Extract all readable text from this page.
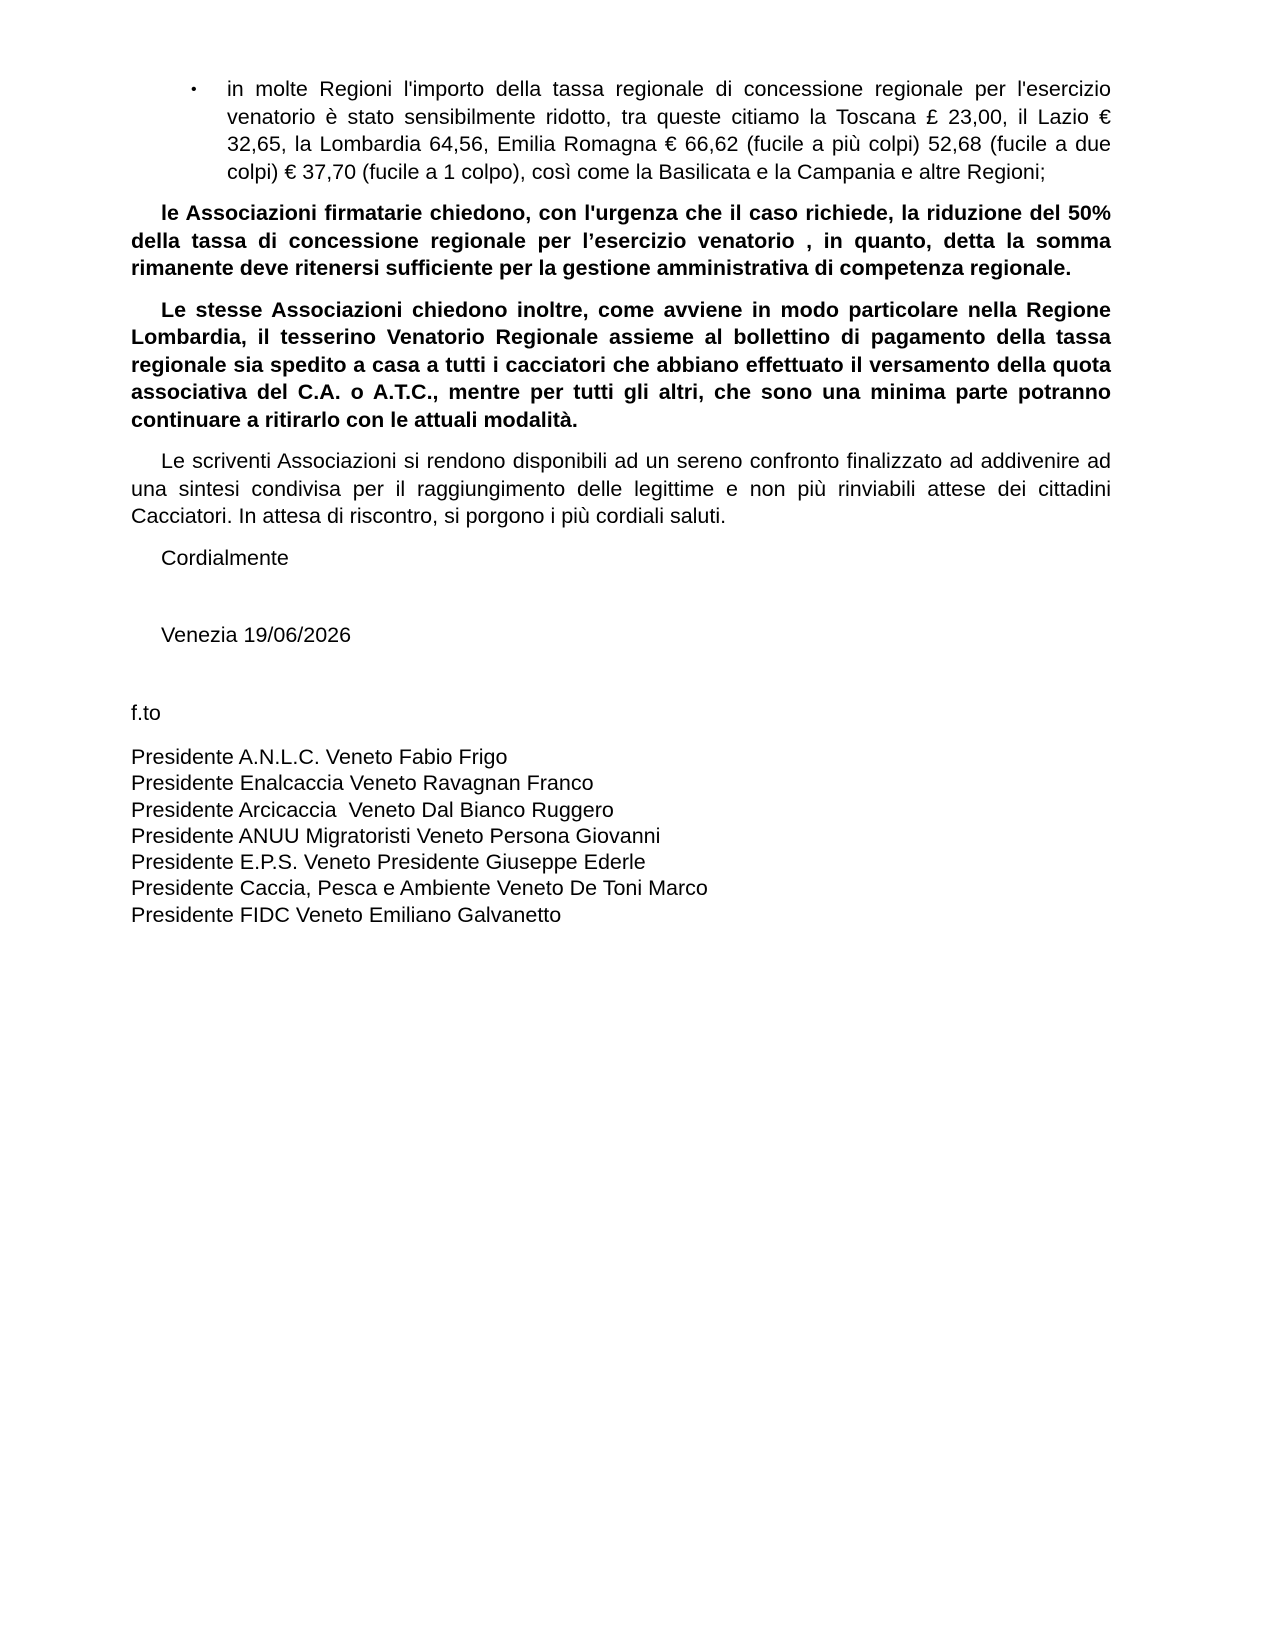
• in molte Regioni l'importo della tassa regionale di concessione regionale per l'esercizio venatorio è stato sensibilmente ridotto, tra queste citiamo la Toscana £ 23,00, il Lazio € 32,65, la Lombardia 64,56, Emilia Romagna € 66,62 (fucile a più colpi) 52,68 (fucile a due colpi) € 37,70 (fucile a 1 colpo), così come la Basilicata e la Campania e altre Regioni;

le Associazioni firmatarie chiedono, con l'urgenza che il caso richiede, la riduzione del 50% della tassa di concessione regionale per l’esercizio venatorio , in quanto, detta la somma rimanente deve ritenersi sufficiente per la gestione amministrativa di competenza regionale.

Le stesse Associazioni chiedono inoltre, come avviene in modo particolare nella Regione Lombardia, il tesserino Venatorio Regionale assieme al bollettino di pagamento della tassa regionale sia spedito a casa a tutti i cacciatori che abbiano effettuato il versamento della quota associativa del C.A. o A.T.C., mentre per tutti gli altri, che sono una minima parte potranno continuare a ritirarlo con le attuali modalità.

Le scriventi Associazioni si rendono disponibili ad un sereno confronto finalizzato ad addivenire ad una sintesi condivisa per il raggiungimento delle legittime e non più rinviabili attese dei cittadini Cacciatori. In attesa di riscontro, si porgono i più cordiali saluti.

Cordialmente
Venezia 19/06/2026
f.to
Presidente A.N.L.C. Veneto Fabio Frigo
Presidente Enalcaccia Veneto Ravagnan Franco
Presidente Arcicaccia  Veneto Dal Bianco Ruggero
Presidente ANUU Migratoristi Veneto Persona Giovanni
Presidente E.P.S. Veneto Presidente Giuseppe Ederle
Presidente Caccia, Pesca e Ambiente Veneto De Toni Marco
Presidente FIDC Veneto Emiliano Galvanetto
